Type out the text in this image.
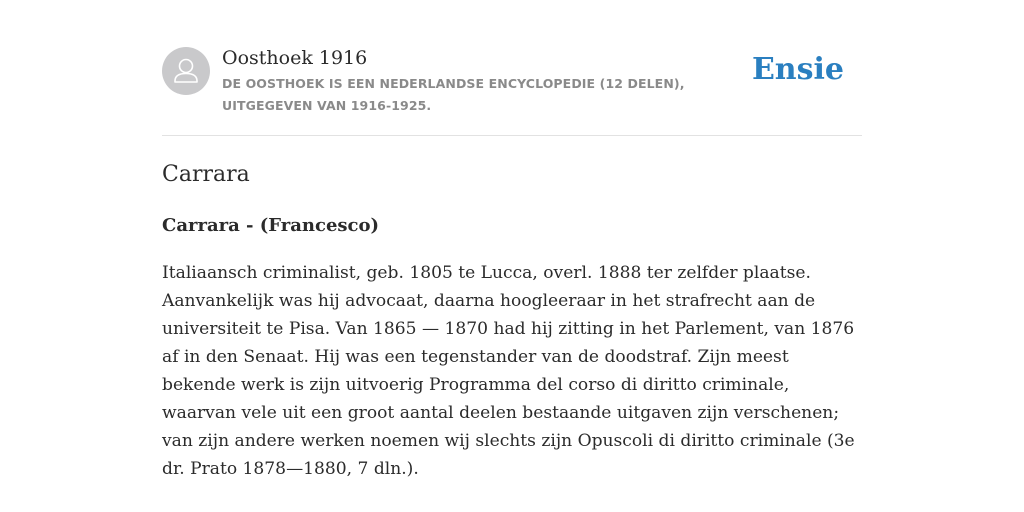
Oosthoek 1916
DE OOSTHOEK IS EEN NEDERLANDSE ENCYCLOPEDIE (12 DELEN), UITGEGEVEN VAN 1916-1925.
Ensie
Carrara
Carrara - (Francesco)

Italiaansch criminalist, geb. 1805 te Lucca, overl. 1888 ter zelfder plaatse. Aanvankelijk was hij advocaat, daarna hoogleeraar in het strafrecht aan de universiteit te Pisa. Van 1865 — 1870 had hij zitting in het Parlement, van 1876 af in den Senaat. Hij was een tegenstander van de doodstraf. Zijn meest bekende werk is zijn uitvoerig Programma del corso di diritto criminale, waarvan vele uit een groot aantal deelen bestaande uitgaven zijn verschenen; van zijn andere werken noemen wij slechts zijn Opuscoli di diritto criminale (3e dr. Prato 1878—1880, 7 dln.).
